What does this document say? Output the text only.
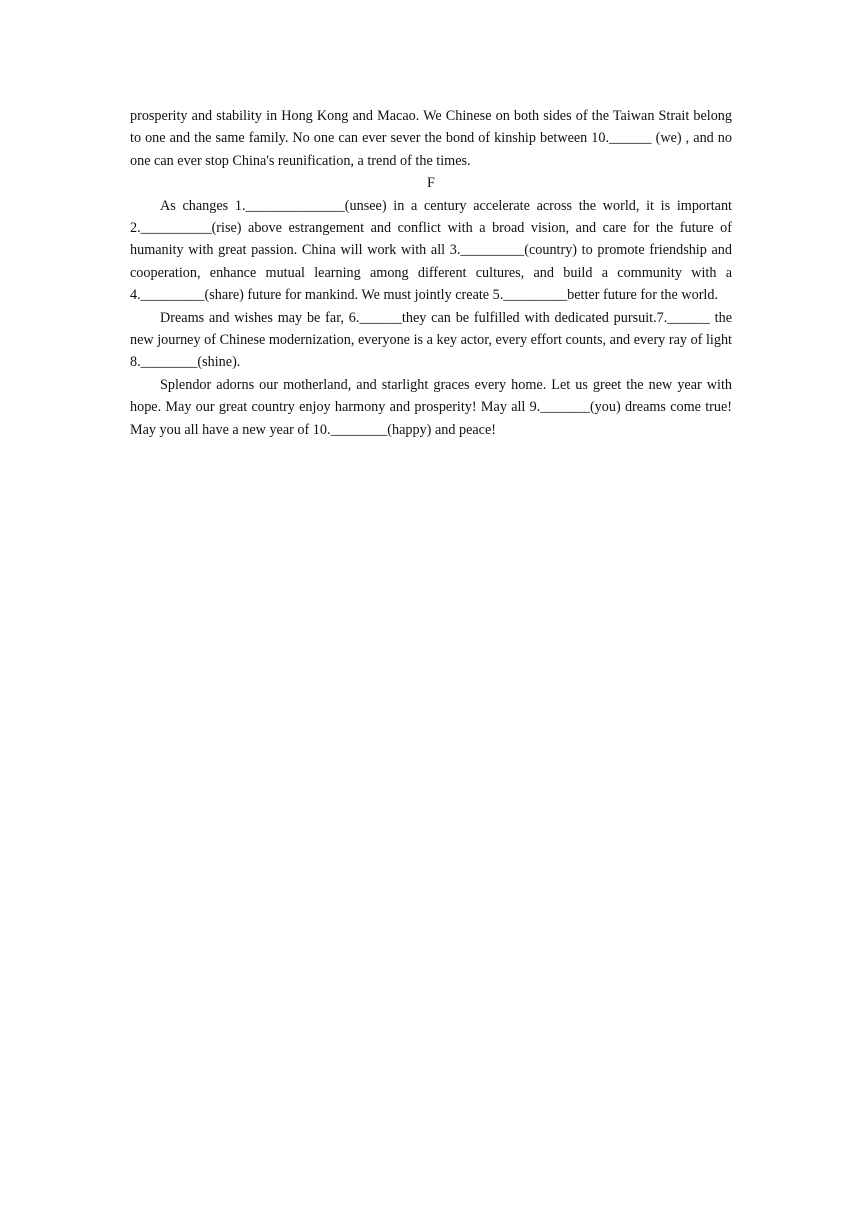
prosperity and stability in Hong Kong and Macao. We Chinese on both sides of the Taiwan Strait belong to one and the same family. No one can ever sever the bond of kinship between 10.______ (we) , and no one can ever stop China's reunification, a trend of the times.

F

As changes 1.______________(unsee) in a century accelerate across the world, it is important 2.__________(rise) above estrangement and conflict with a broad vision, and care for the future of humanity with great passion. China will work with all 3._________(country) to promote friendship and cooperation, enhance mutual learning among different cultures, and build a community with a 4._________(share) future for mankind. We must jointly create 5._________better future for the world.

Dreams and wishes may be far, 6.______they can be fulfilled with dedicated pursuit.7.______ the new journey of Chinese modernization, everyone is a key actor, every effort counts, and every ray of light 8.________(shine).

Splendor adorns our motherland, and starlight graces every home. Let us greet the new year with hope. May our great country enjoy harmony and prosperity! May all 9._______(you) dreams come true! May you all have a new year of 10.________(happy) and peace!
